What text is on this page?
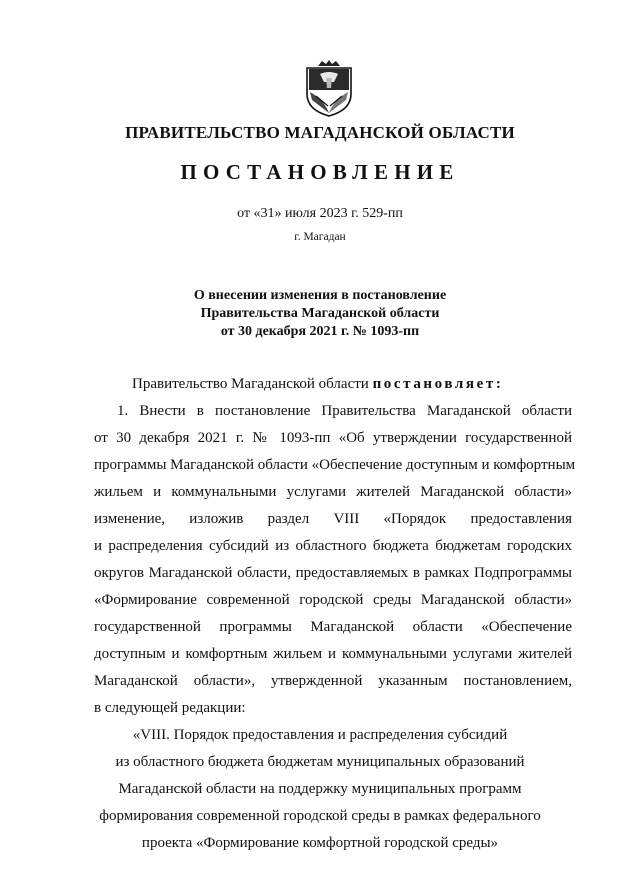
ПРАВИТЕЛЬСТВО МАГАДАНСКОЙ ОБЛАСТИ
ПОСТАНОВЛЕНИЕ
от «31» июля 2023 г. 529-пп
г. Магадан
О внесении изменения в постановление
Правительства Магаданской области
от 30 декабря 2021 г. № 1093-пп
Правительство Магаданской области постановляет:
1. Внести в постановление Правительства Магаданской области
от 30 декабря 2021 г. № 1093-пп «Об утверждении государственной
программы Магаданской области «Обеспечение доступным и комфортным
жильем и коммунальными услугами жителей Магаданской области»
изменение, изложив раздел VIII «Порядок предоставления
и распределения субсидий из областного бюджета бюджетам городских
округов Магаданской области, предоставляемых в рамках Подпрограммы
«Формирование современной городской среды Магаданской области»
государственной программы Магаданской области «Обеспечение
доступным и комфортным жильем и коммунальными услугами жителей
Магаданской области», утвержденной указанным постановлением,
в следующей редакции:
«VIII. Порядок предоставления и распределения субсидий
из областного бюджета бюджетам муниципальных образований
Магаданской области на поддержку муниципальных программ
формирования современной городской среды в рамках федерального
проекта «Формирование комфортной городской среды»
